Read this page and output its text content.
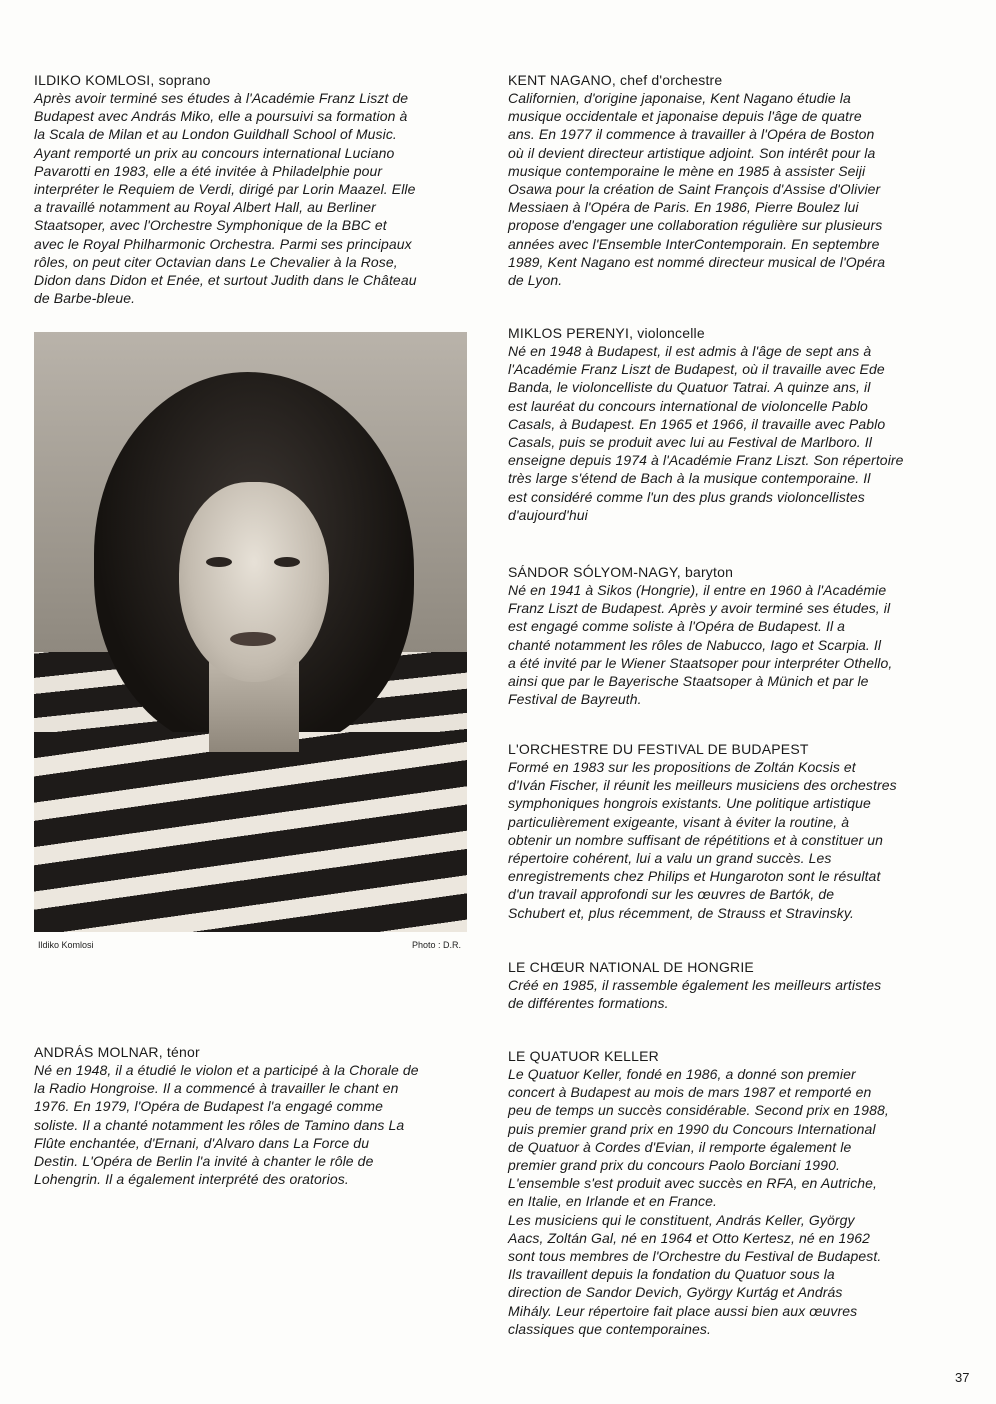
ILDIKO KOMLOSI, soprano

Après avoir terminé ses études à l'Académie Franz Liszt de

Budapest avec András Miko, elle a poursuivi sa formation à

la Scala de Milan et au London Guildhall School of Music.

Ayant remporté un prix au concours international Luciano

Pavarotti en 1983, elle a été invitée à Philadelphie pour

interpréter le Requiem de Verdi, dirigé par Lorin Maazel. Elle

a travaillé notamment au Royal Albert Hall, au Berliner

Staatsoper, avec l'Orchestre Symphonique de la BBC et

avec le Royal Philharmonic Orchestra. Parmi ses principaux

rôles, on peut citer Octavian dans Le Chevalier à la Rose,

Didon dans Didon et Enée, et surtout Judith dans le Château

de Barbe-bleue.

KENT NAGANO, chef d'orchestre

Californien, d'origine japonaise, Kent Nagano étudie la

musique occidentale et japonaise depuis l'âge de quatre

ans. En 1977 il commence à travailler à l'Opéra de Boston

où il devient directeur artistique adjoint. Son intérêt pour la

musique contemporaine le mène en 1985 à assister Seiji

Osawa pour la création de Saint François d'Assise d'Olivier

Messiaen à l'Opéra de Paris. En 1986, Pierre Boulez lui

propose d'engager une collaboration régulière sur plusieurs

années avec l'Ensemble InterContemporain. En septembre

1989, Kent Nagano est nommé directeur musical de l'Opéra

de Lyon.

MIKLOS PERENYI, violoncelle

Né en 1948 à Budapest, il est admis à l'âge de sept ans à

l'Académie Franz Liszt de Budapest, où il travaille avec Ede

Banda, le violoncelliste du Quatuor Tatrai. A quinze ans, il

est lauréat du concours international de violoncelle Pablo

Casals, à Budapest. En 1965 et 1966, il travaille avec Pablo

Casals, puis se produit avec lui au Festival de Marlboro. Il

enseigne depuis 1974 à l'Académie Franz Liszt. Son répertoire

très large s'étend de Bach à la musique contemporaine. Il

est considéré comme l'un des plus grands violoncellistes

d'aujourd'hui

SÁNDOR SÓLYOM-NAGY, baryton

Né en 1941 à Sikos (Hongrie), il entre en 1960 à l'Académie

Franz Liszt de Budapest. Après y avoir terminé ses études, il

est engagé comme soliste à l'Opéra de Budapest. Il a

chanté notamment les rôles de Nabucco, Iago et Scarpia. Il

a été invité par le Wiener Staatsoper pour interpréter Othello,

ainsi que par le Bayerische Staatsoper à Münich et par le

Festival de Bayreuth.

L'ORCHESTRE DU FESTIVAL DE BUDAPEST

Formé en 1983 sur les propositions de Zoltán Kocsis et

d'Iván Fischer, il réunit les meilleurs musiciens des orchestres

symphoniques hongrois existants. Une politique artistique

particulièrement exigeante, visant à éviter la routine, à

obtenir un nombre suffisant de répétitions et à constituer un

répertoire cohérent, lui a valu un grand succès. Les

enregistrements chez Philips et Hungaroton sont le résultat

d'un travail approfondi sur les œuvres de Bartók, de

Schubert et, plus récemment, de Strauss et Stravinsky.

LE CHŒUR NATIONAL DE HONGRIE

Créé en 1985, il rassemble également les meilleurs artistes

de différentes formations.

ANDRÁS MOLNAR, ténor

Né en 1948, il a étudié le violon et a participé à la Chorale de

la Radio Hongroise. Il a commencé à travailler le chant en

1976. En 1979, l'Opéra de Budapest l'a engagé comme

soliste. Il a chanté notamment les rôles de Tamino dans La

Flûte enchantée, d'Ernani, d'Alvaro dans La Force du

Destin. L'Opéra de Berlin l'a invité à chanter le rôle de

Lohengrin. Il a également interprété des oratorios.

LE QUATUOR KELLER

Le Quatuor Keller, fondé en 1986, a donné son premier

concert à Budapest au mois de mars 1987 et remporté en

peu de temps un succès considérable. Second prix en 1988,

puis premier grand prix en 1990 du Concours International

de Quatuor à Cordes d'Evian, il remporte également le

premier grand prix du concours Paolo Borciani 1990.

L'ensemble s'est produit avec succès en RFA, en Autriche,

en Italie, en Irlande et en France.

Les musiciens qui le constituent, András Keller, György

Aacs, Zoltán Gal, né en 1964 et Otto Kertesz, né en 1962

sont tous membres de l'Orchestre du Festival de Budapest.

Ils travaillent depuis la fondation du Quatuor sous la

direction de Sandor Devich, György Kurtág et András

Mihály. Leur répertoire fait place aussi bien aux œuvres

classiques que contemporaines.

Ildiko Komlosi	Photo : D.R.
37
